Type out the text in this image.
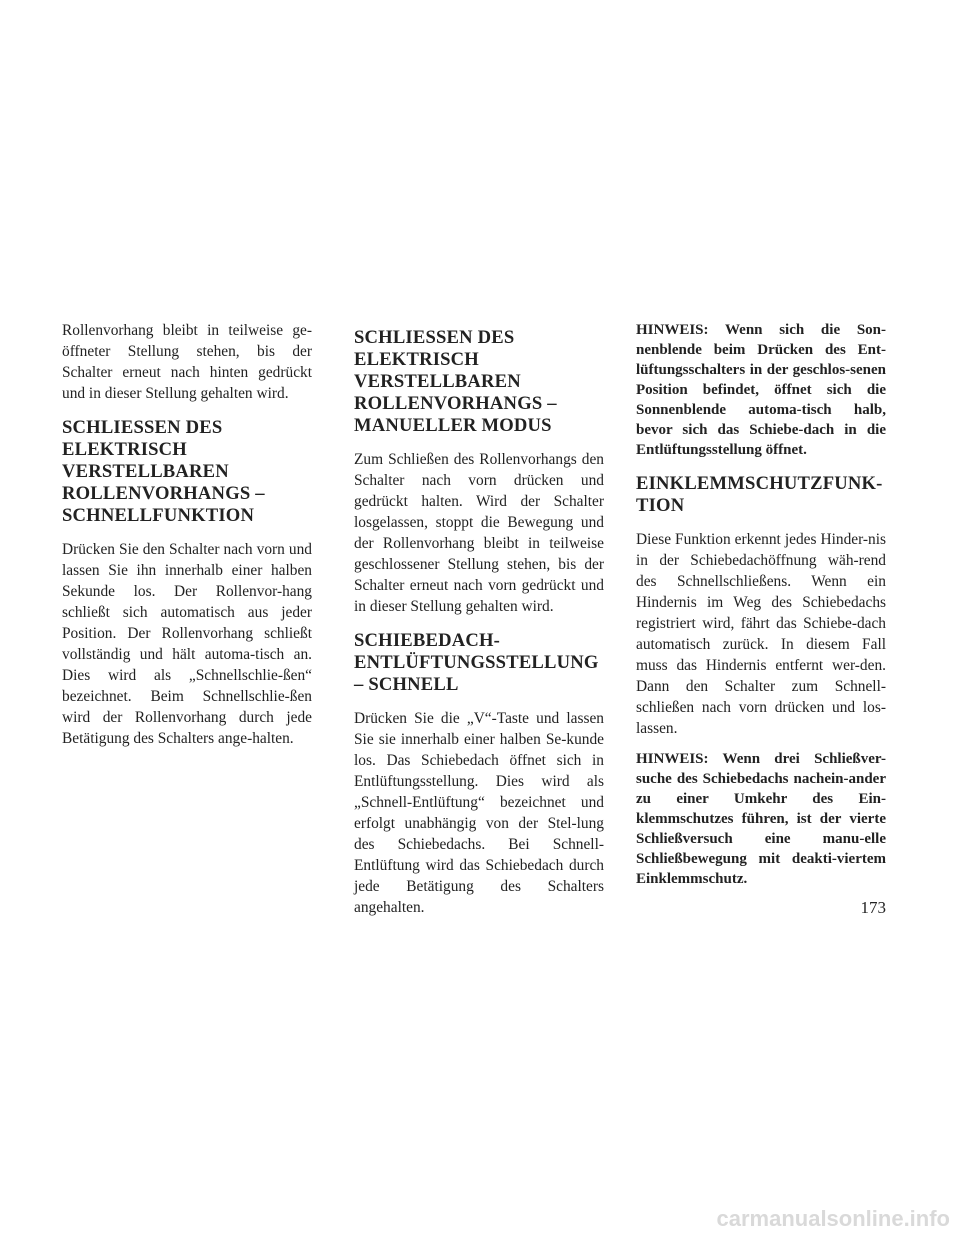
Rollenvorhang bleibt in teilweise ge-öffneter Stellung stehen, bis der Schalter erneut nach hinten gedrückt und in dieser Stellung gehalten wird.

SCHLIESSEN DES ELEKTRISCH VERSTELLBAREN ROLLENVORHANGS – SCHNELLFUNKTION

Drücken Sie den Schalter nach vorn und lassen Sie ihn innerhalb einer halben Sekunde los. Der Rollenvor-hang schließt sich automatisch aus jeder Position. Der Rollenvorhang schließt vollständig und hält automa-tisch an. Dies wird als „Schnellschlie-ßen“ bezeichnet. Beim Schnellschlie-ßen wird der Rollenvorhang durch jede Betätigung des Schalters ange-halten.

SCHLIESSEN DES ELEKTRISCH VERSTELLBAREN ROLLENVORHANGS – MANUELLER MODUS

Zum Schließen des Rollenvorhangs den Schalter nach vorn drücken und gedrückt halten. Wird der Schalter losgelassen, stoppt die Bewegung und der Rollenvorhang bleibt in teilweise geschlossener Stellung stehen, bis der Schalter erneut nach vorn gedrückt und in dieser Stellung gehalten wird.

SCHIEBEDACH-ENTLÜFTUNGSSTELLUNG – SCHNELL

Drücken Sie die „V“-Taste und lassen Sie sie innerhalb einer halben Se-kunde los. Das Schiebedach öffnet sich in Entlüftungsstellung. Dies wird als „Schnell-Entlüftung“ bezeichnet und erfolgt unabhängig von der Stel-lung des Schiebedachs. Bei Schnell-Entlüftung wird das Schiebedach durch jede Betätigung des Schalters angehalten.

HINWEIS: Wenn sich die Son-nenblende beim Drücken des Ent-lüftungsschalters in der geschlos-senen Position befindet, öffnet sich die Sonnenblende automa-tisch halb, bevor sich das Schiebe-dach in die Entlüftungsstellung öffnet.

EINKLEMMSCHUTZFUNK-TION

Diese Funktion erkennt jedes Hinder-nis in der Schiebedachöffnung wäh-rend des Schnellschließens. Wenn ein Hindernis im Weg des Schiebedachs registriert wird, fährt das Schiebe-dach automatisch zurück. In diesem Fall muss das Hindernis entfernt wer-den. Dann den Schalter zum Schnell-schließen nach vorn drücken und los-lassen.

HINWEIS: Wenn drei Schließver-suche des Schiebedachs nachein-ander zu einer Umkehr des Ein-klemmschutzes führen, ist der vierte Schließversuch eine manu-elle Schließbewegung mit deakti-viertem Einklemmschutz.

173
carmanualsonline.info
